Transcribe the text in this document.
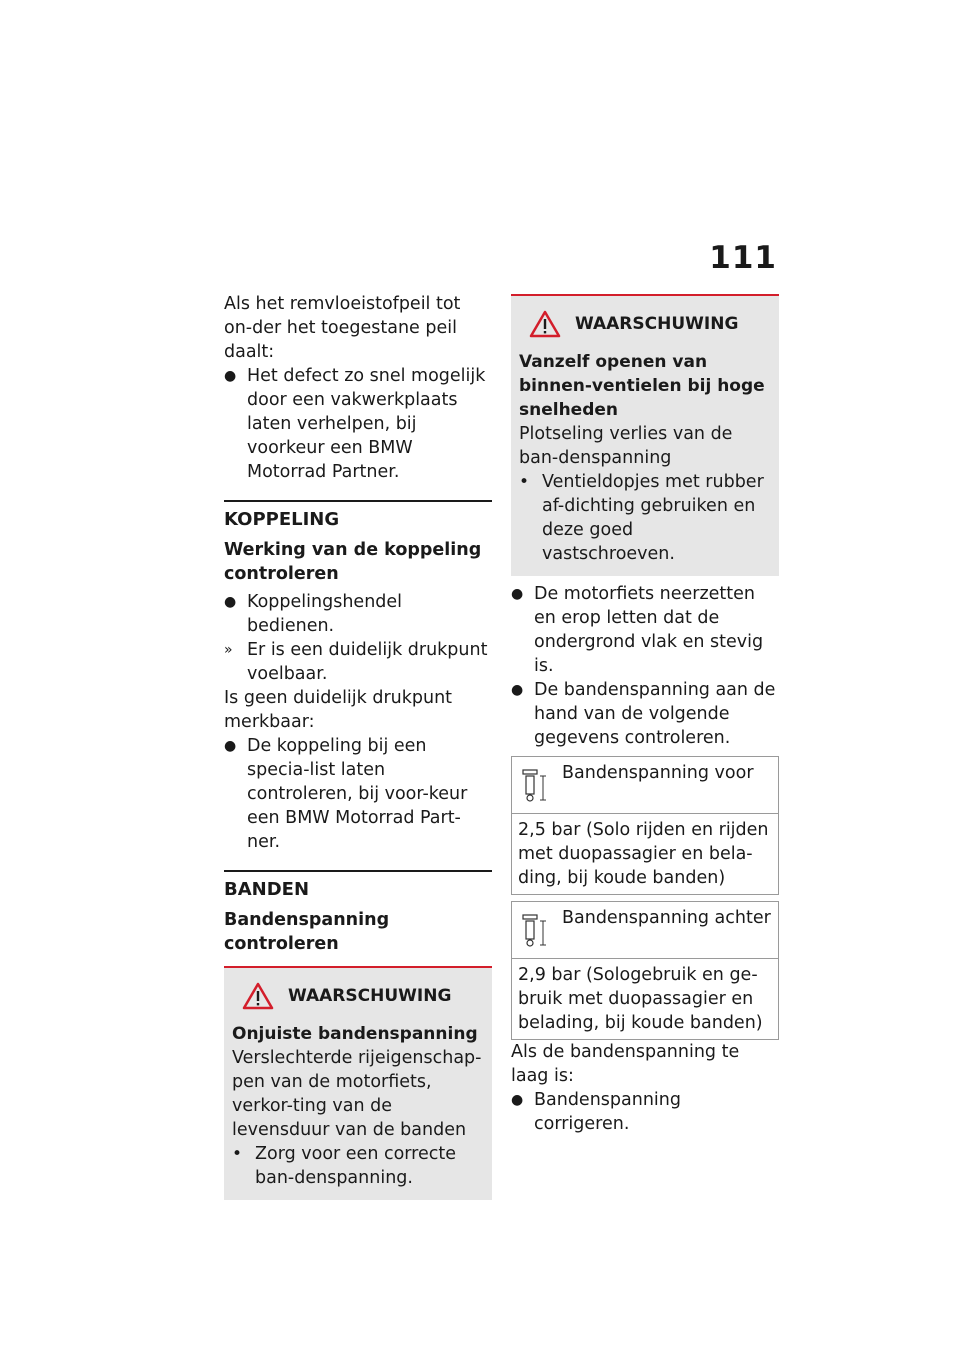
111

Als het remvloeistofpeil tot on-der het toegestane peil daalt:

● Het defect zo snel mogelijk door een vakwerkplaats laten verhelpen, bij voorkeur een BMW Motorrad Partner.
KOPPELING
Werking van de koppeling controleren
● Koppelingshendel bedienen.
» Er is een duidelijk drukpunt voelbaar.

Is geen duidelijk drukpunt merkbaar:

● De koppeling bij een specia-list laten controleren, bij voor-keur een BMW Motorrad Part-ner.
BANDEN
Bandenspanning controleren
WAARSCHUWING
Onjuiste bandenspanning

Verslechterde rijeigenschap-pen van de motorfiets, verkor-ting van de levensduur van de banden

• Zorg voor een correcte ban-denspanning.
WAARSCHUWING
Vanzelf openen van binnen-ventielen bij hoge snelheden

Plotseling verlies van de ban-denspanning

• Ventieldopjes met rubber af-dichting gebruiken en deze goed vastschroeven.
● De motorfiets neerzetten en erop letten dat de ondergrond vlak en stevig is.
● De bandenspanning aan de hand van de volgende gegevens controleren.
Bandenspanning voor
2,5 bar (Solo rijden en rijden met duopassagier en bela-ding, bij koude banden)
Bandenspanning achter
2,9 bar (Sologebruik en ge-bruik met duopassagier en belading, bij koude banden)

Als de bandenspanning te laag is:

● Bandenspanning corrigeren.
